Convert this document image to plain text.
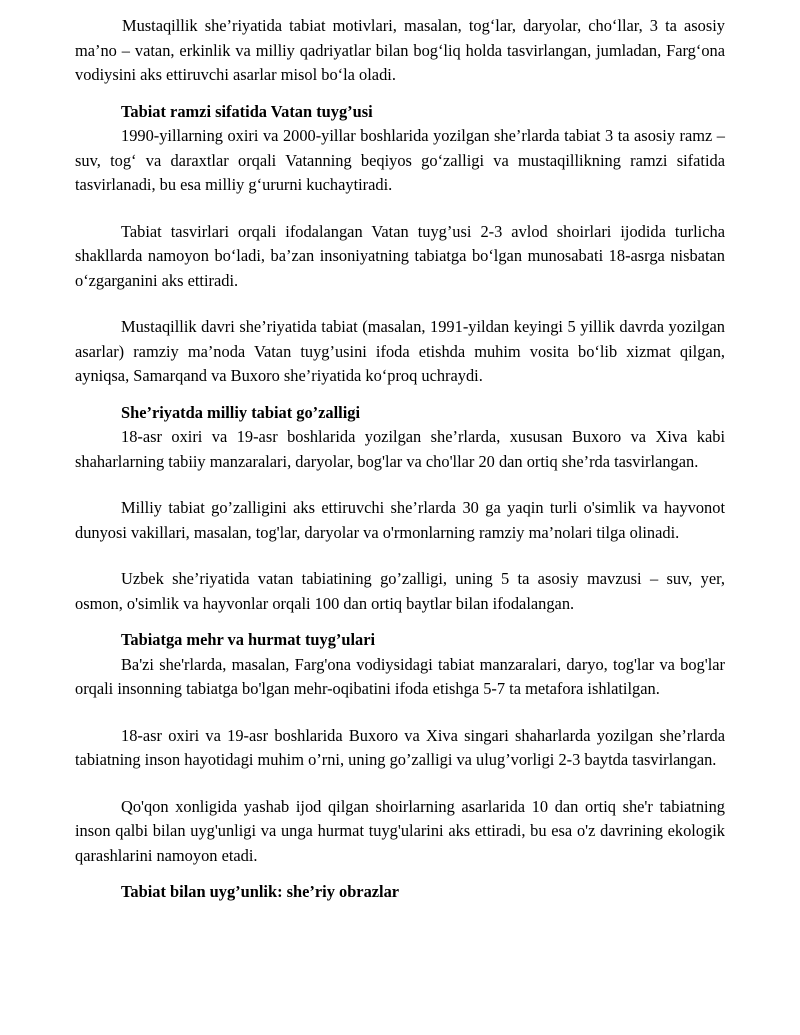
Mustaqillik she’riyatida tabiat motivlari, masalan, tog‘lar, daryolar, cho‘llar, 3 ta asosiy ma’no – vatan, erkinlik va milliy qadriyatlar bilan bog‘liq holda tasvirlangan, jumladan, Farg‘ona vodiysini aks ettiruvchi asarlar misol bo‘la oladi.

Tabiat ramzi sifatida Vatan tuyg’usi

1990-yillarning oxiri va 2000-yillar boshlarida yozilgan she’rlarda tabiat 3 ta asosiy ramz – suv, tog‘ va daraxtlar orqali Vatanning beqiyos go‘zalligi va mustaqillikning ramzi sifatida tasvirlanadi, bu esa milliy g‘ururni kuchaytiradi.

Tabiat tasvirlari orqali ifodalangan Vatan tuyg’usi 2-3 avlod shoirlari ijodida turlicha shakllarda namoyon bo‘ladi, ba’zan insoniyatning tabiatga bo‘lgan munosabati 18-asrga nisbatan o‘zgarganini aks ettiradi.

Mustaqillik davri she’riyatida tabiat (masalan, 1991-yildan keyingi 5 yillik davrda yozilgan asarlar) ramziy ma’noda Vatan tuyg’usini ifoda etishda muhim vosita bo‘lib xizmat qilgan, ayniqsa, Samarqand va Buxoro she’riyatida ko‘proq uchraydi.

She’riyatda milliy tabiat go’zalligi

18-asr oxiri va 19-asr boshlarida yozilgan she’rlarda, xususan Buxoro va Xiva kabi shaharlarning tabiiy manzaralari, daryolar, bog'lar va cho'llar 20 dan ortiq she’rda tasvirlangan.

Milliy tabiat go’zalligini aks ettiruvchi she’rlarda 30 ga yaqin turli o'simlik va hayvonot dunyosi vakillari, masalan, tog'lar, daryolar va o'rmonlarning ramziy ma’nolari tilga olinadi.

Uzbek she’riyatida vatan tabiatining go’zalligi, uning 5 ta asosiy mavzusi – suv, yer, osmon, o'simlik va hayvonlar orqali 100 dan ortiq baytlar bilan ifodalangan.

Tabiatga mehr va hurmat tuyg’ulari

Ba'zi she'rlarda, masalan, Farg'ona vodiysidagi tabiat manzaralari, daryo, tog'lar va bog'lar orqali insonning tabiatga bo'lgan mehr-oqibatini ifoda etishga 5-7 ta metafora ishlatilgan.

18-asr oxiri va 19-asr boshlarida Buxoro va Xiva singari shaharlarda yozilgan she’rlarda tabiatning inson hayotidagi muhim o’rni, uning go’zalligi va ulug’vorligi 2-3 baytda tasvirlangan.

Qo'qon xonligida yashab ijod qilgan shoirlarning asarlarida 10 dan ortiq she'r tabiatning inson qalbi bilan uyg'unligi va unga hurmat tuyg'ularini aks ettiradi, bu esa o'z davrining ekologik qarashlarini namoyon etadi.

Tabiat bilan uyg’unlik: she’riy obrazlar
